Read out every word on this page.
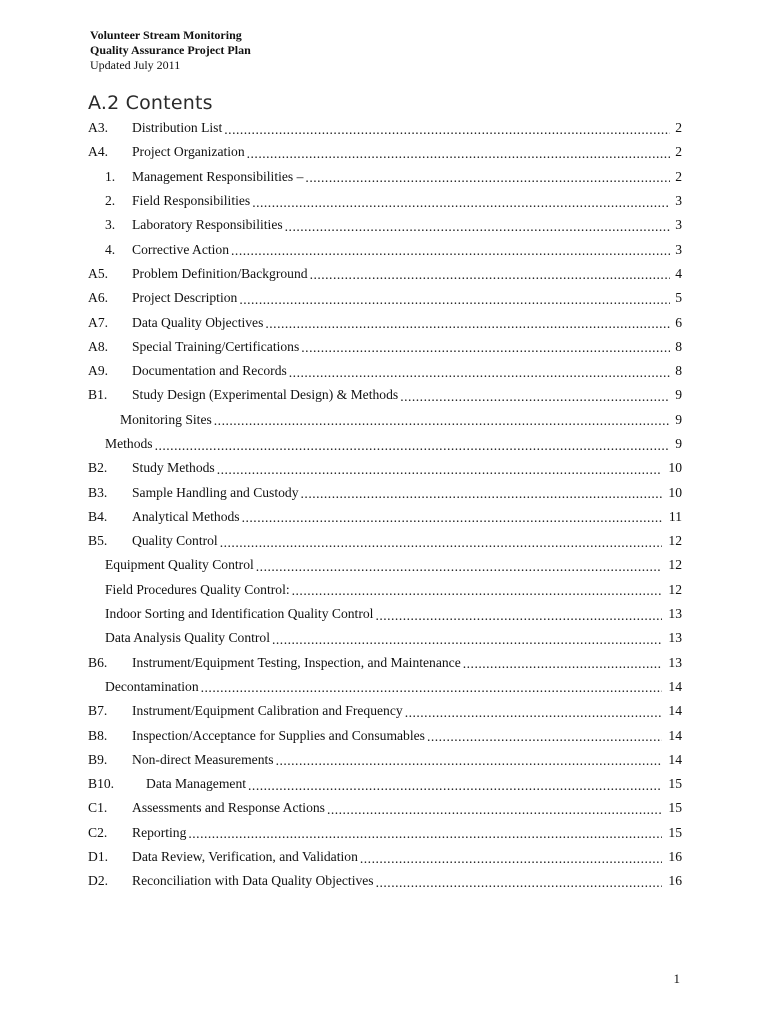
Volunteer Stream Monitoring
Quality Assurance Project Plan
Updated July 2011
A.2 Contents
A3.	Distribution List .....	2
A4.	Project Organization .....	2
1.	Management Responsibilities – .....	2
2.	Field Responsibilities .....	3
3.	Laboratory Responsibilities .....	3
4.	Corrective Action .....	3
A5.	Problem Definition/Background .....	4
A6.	Project Description .....	5
A7.	Data Quality Objectives .....	6
A8.	Special Training/Certifications .....	8
A9.	Documentation and Records .....	8
B1.	Study Design (Experimental Design) & Methods .....	9
Monitoring Sites .....	9
Methods .....	9
B2.	Study Methods .....	10
B3.	Sample Handling and Custody .....	10
B4.	Analytical Methods .....	11
B5.	Quality Control .....	12
Equipment Quality Control .....	12
Field Procedures Quality Control: .....	12
Indoor Sorting and Identification Quality Control .....	13
Data Analysis Quality Control .....	13
B6.	Instrument/Equipment Testing, Inspection, and Maintenance .....	13
Decontamination .....	14
B7.	Instrument/Equipment Calibration and Frequency .....	14
B8.	Inspection/Acceptance for Supplies and Consumables .....	14
B9.	Non-direct Measurements .....	14
B10.	Data Management .....	15
C1.	Assessments and Response Actions .....	15
C2.	Reporting .....	15
D1.	Data Review, Verification, and Validation .....	16
D2.	Reconciliation with Data Quality Objectives .....	16
1
